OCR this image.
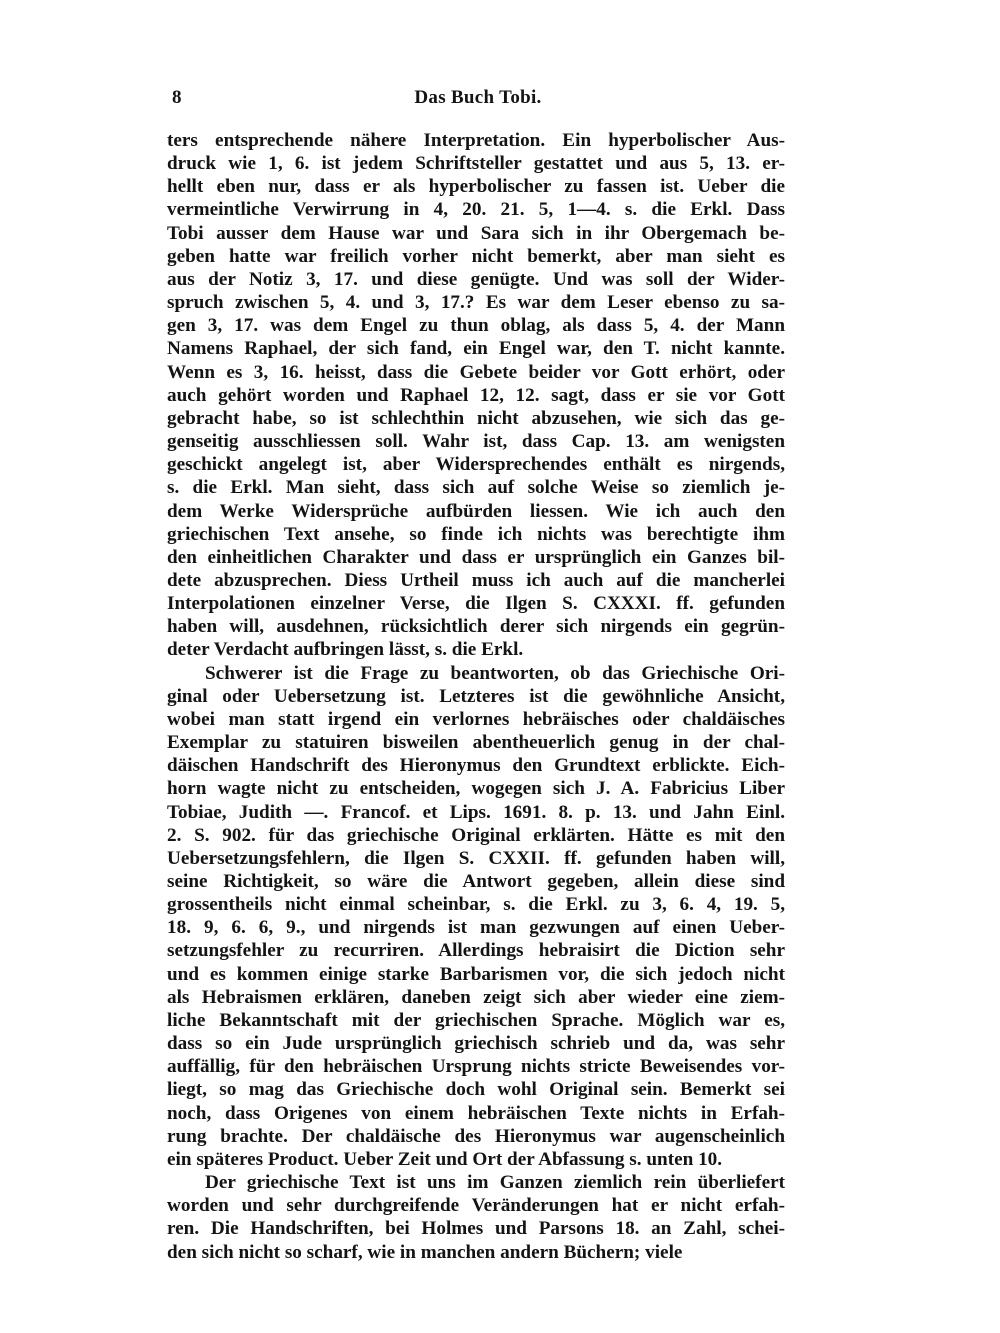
8	Das Buch Tobi.
ters entsprechende nähere Interpretation. Ein hyperbolischer Aus-
druck wie 1, 6. ist jedem Schriftsteller gestattet und aus 5, 13. er-
hellt eben nur, dass er als hyperbolischer zu fassen ist. Ueber die
vermeintliche Verwirrung in 4, 20. 21. 5, 1—4. s. die Erkl. Dass
Tobi ausser dem Hause war und Sara sich in ihr Obergemach be-
geben hatte war freilich vorher nicht bemerkt, aber man sieht es
aus der Notiz 3, 17. und diese genügte. Und was soll der Wider-
spruch zwischen 5, 4. und 3, 17.? Es war dem Leser ebenso zu sa-
gen 3, 17. was dem Engel zu thun oblag, als dass 5, 4. der Mann
Namens Raphael, der sich fand, ein Engel war, den T. nicht kannte.
Wenn es 3, 16. heisst, dass die Gebete beider vor Gott erhört, oder
auch gehört worden und Raphael 12, 12. sagt, dass er sie vor Gott
gebracht habe, so ist schlechthin nicht abzusehen, wie sich das ge-
genseitig ausschliessen soll. Wahr ist, dass Cap. 13. am wenigsten
geschickt angelegt ist, aber Widersprechendes enthält es nirgends,
s. die Erkl. Man sieht, dass sich auf solche Weise so ziemlich je-
dem Werke Widersprüche aufbürden liessen. Wie ich auch den
griechischen Text ansehe, so finde ich nichts was berechtigte ihm
den einheitlichen Charakter und dass er ursprünglich ein Ganzes bil-
dete abzusprechen. Diess Urtheil muss ich auch auf die mancherlei
Interpolationen einzelner Verse, die Ilgen S. CXXXI. ff. gefunden
haben will, ausdehnen, rücksichtlich derer sich nirgends ein gegrün-
deter Verdacht aufbringen lässt, s. die Erkl.
Schwerer ist die Frage zu beantworten, ob das Griechische Ori-
ginal oder Uebersetzung ist. Letzteres ist die gewöhnliche Ansicht,
wobei man statt irgend ein verlornes hebräisches oder chaldäisches
Exemplar zu statuiren bisweilen abentheuerlich genug in der chal-
däischen Handschrift des Hieronymus den Grundtext erblickte. Eich-
horn wagte nicht zu entscheiden, wogegen sich J. A. Fabricius Liber
Tobiae, Judith —. Francof. et Lips. 1691. 8. p. 13. und Jahn Einl.
2. S. 902. für das griechische Original erklärten. Hätte es mit den
Uebersetzungsfehlern, die Ilgen S. CXXII. ff. gefunden haben will,
seine Richtigkeit, so wäre die Antwort gegeben, allein diese sind
grossentheils nicht einmal scheinbar, s. die Erkl. zu 3, 6. 4, 19. 5,
18. 9, 6. 6, 9., und nirgends ist man gezwungen auf einen Ueber-
setzungsfehler zu recurriren. Allerdings hebraisirt die Diction sehr
und es kommen einige starke Barbarismen vor, die sich jedoch nicht
als Hebraismen erklären, daneben zeigt sich aber wieder eine ziem-
liche Bekanntschaft mit der griechischen Sprache. Möglich war es,
dass so ein Jude ursprünglich griechisch schrieb und da, was sehr
auffällig, für den hebräischen Ursprung nichts stricte Beweisendes vor-
liegt, so mag das Griechische doch wohl Original sein. Bemerkt sei
noch, dass Origenes von einem hebräischen Texte nichts in Erfah-
rung brachte. Der chaldäische des Hieronymus war augenscheinlich
ein späteres Product. Ueber Zeit und Ort der Abfassung s. unten 10.
Der griechische Text ist uns im Ganzen ziemlich rein überliefert
worden und sehr durchgreifende Veränderungen hat er nicht erfah-
ren. Die Handschriften, bei Holmes und Parsons 18. an Zahl, schei-
den sich nicht so scharf, wie in manchen andern Büchern; viele
